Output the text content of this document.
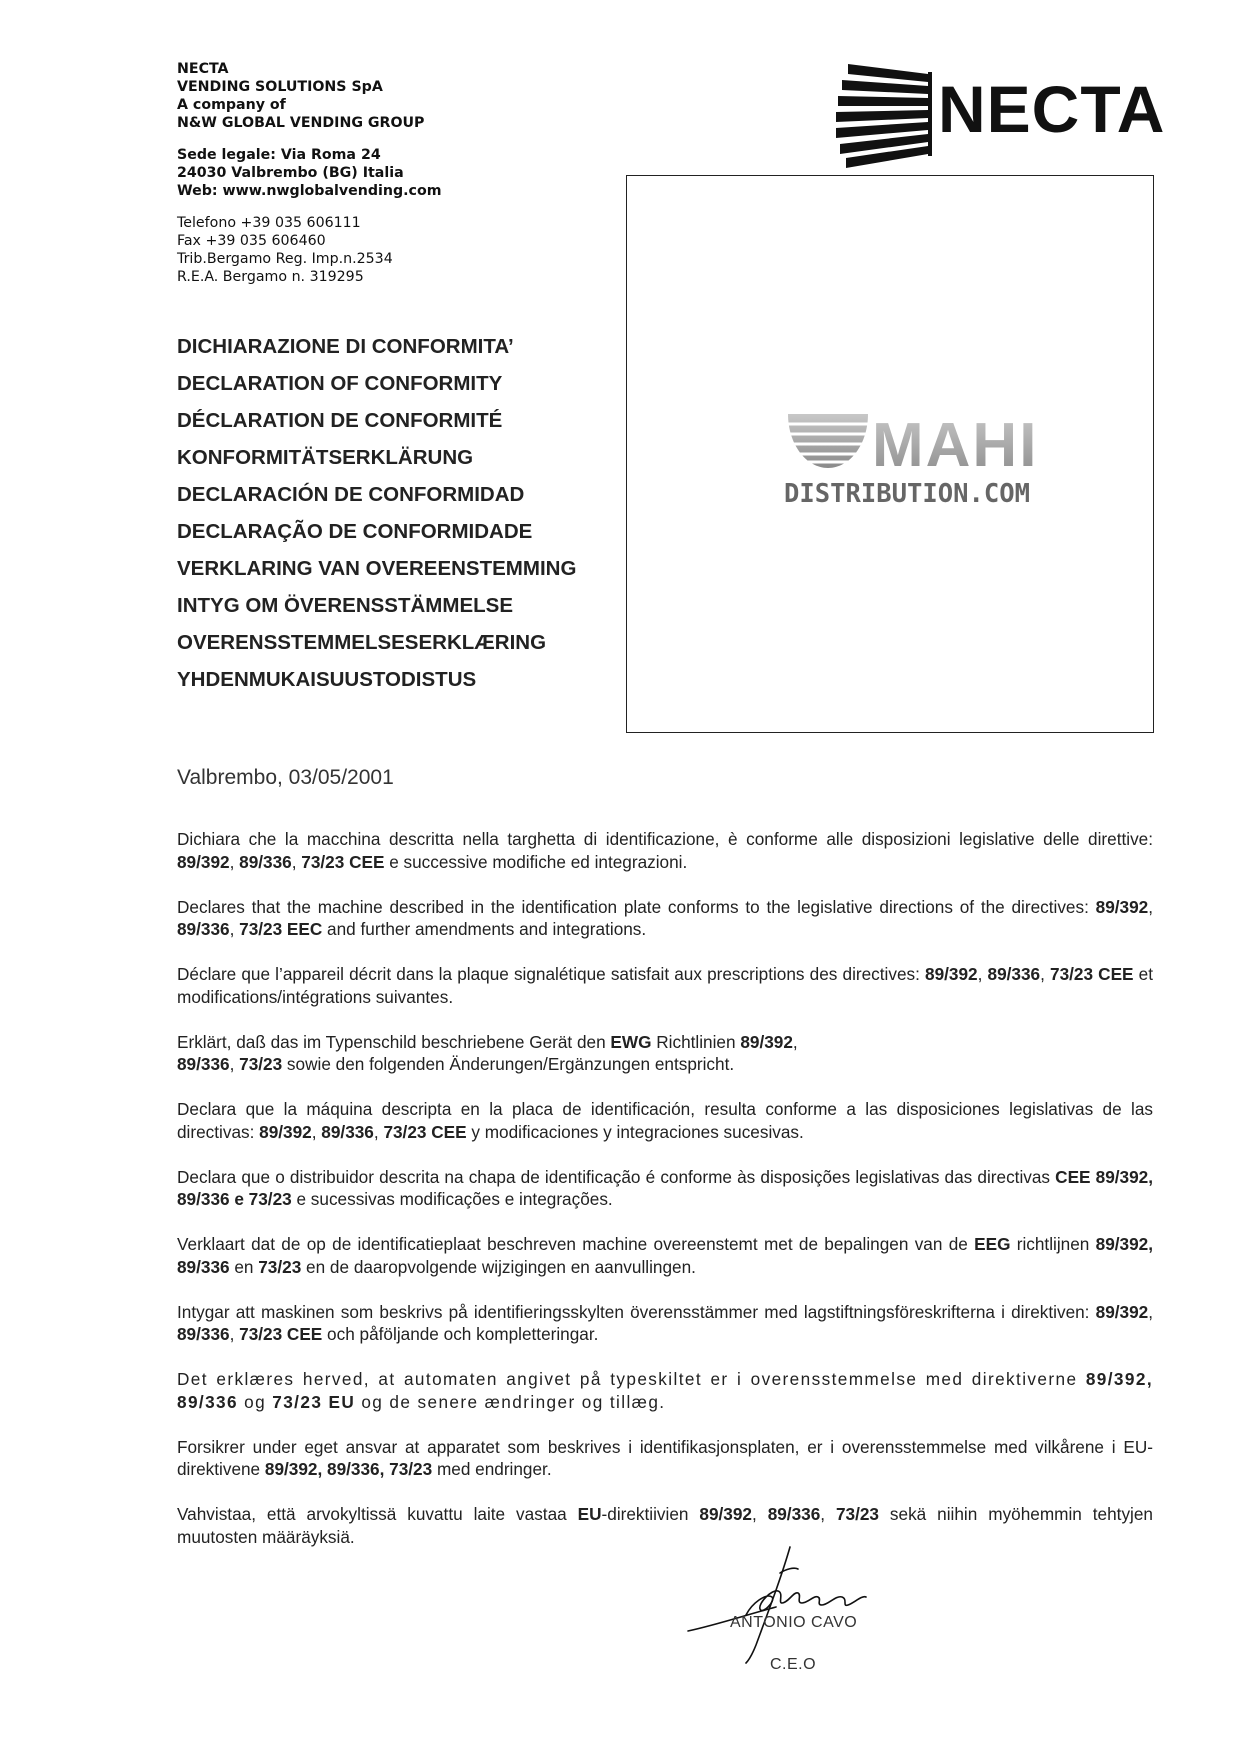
NECTA
VENDING SOLUTIONS SpA
A company of
N&W GLOBAL VENDING GROUP
Sede legale: Via Roma 24
24030 Valbrembo (BG) Italia
Web: www.nwglobalvending.com
Telefono +39 035 606111
Fax +39 035 606460
Trib.Bergamo Reg. Imp.n.2534
R.E.A. Bergamo n. 319295
NECTA
DICHIARAZIONE DI CONFORMITA’
DECLARATION OF CONFORMITY
DÉCLARATION DE CONFORMITÉ
KONFORMITÄTSERKLÄRUNG
DECLARACIÓN DE CONFORMIDAD
DECLARAÇÃO DE CONFORMIDADE
VERKLARING VAN OVEREENSTEMMING
INTYG OM ÖVERENSSTÄMMELSE
OVERENSSTEMMELSESERKLÆRING
YHDENMUKAISUUSTODISTUS
MAHI
DISTRIBUTION.COM
Valbrembo, 03/05/2001

Dichiara che la macchina descritta nella targhetta di identificazione, è conforme alle disposizioni legislative delle direttive: 89/392, 89/336, 73/23 CEE e successive modifiche ed integrazioni.

Declares that the machine described in the identification plate conforms to the legislative directions of the directives: 89/392, 89/336, 73/23 EEC and further amendments and integrations.

Déclare que l’appareil décrit dans la plaque signalétique satisfait aux prescriptions des directives: 89/392, 89/336, 73/23 CEE et modifications/intégrations suivantes.

Erklärt, daß das im Typenschild beschriebene Gerät den EWG Richtlinien 89/392,
89/336, 73/23 sowie den folgenden Änderungen/Ergänzungen entspricht.

Declara que la máquina descripta en la placa de identificación, resulta conforme a las disposiciones legislativas de las directivas: 89/392, 89/336, 73/23 CEE y modificaciones y integraciones sucesivas.

Declara que o distribuidor descrita na chapa de identificação é conforme às disposições legislativas das directivas CEE 89/392, 89/336 e 73/23 e sucessivas modificações e integrações.

Verklaart dat de op de identificatieplaat beschreven machine overeenstemt met de bepalingen van de EEG richtlijnen 89/392, 89/336 en 73/23 en de daaropvolgende wijzigingen en aanvullingen.

Intygar att maskinen som beskrivs på identifieringsskylten överensstämmer med lagstiftningsföreskrifterna i direktiven: 89/392, 89/336, 73/23 CEE och påföljande och kompletteringar.

Det erklæres herved, at automaten angivet på typeskiltet er i overensstemmelse med direktiverne 89/392, 89/336 og 73/23 EU og de senere ændringer og tillæg.

Forsikrer under eget ansvar at apparatet som beskrives i identifikasjonsplaten, er i overensstemmelse med vilkårene i EU-direktivene 89/392, 89/336, 73/23 med endringer.

Vahvistaa, että arvokyltissä kuvattu laite vastaa EU-direktiivien 89/392, 89/336, 73/23 sekä niihin myöhemmin tehtyjen muutosten määräyksiä.

ANTONIO CAVO
C.E.O
